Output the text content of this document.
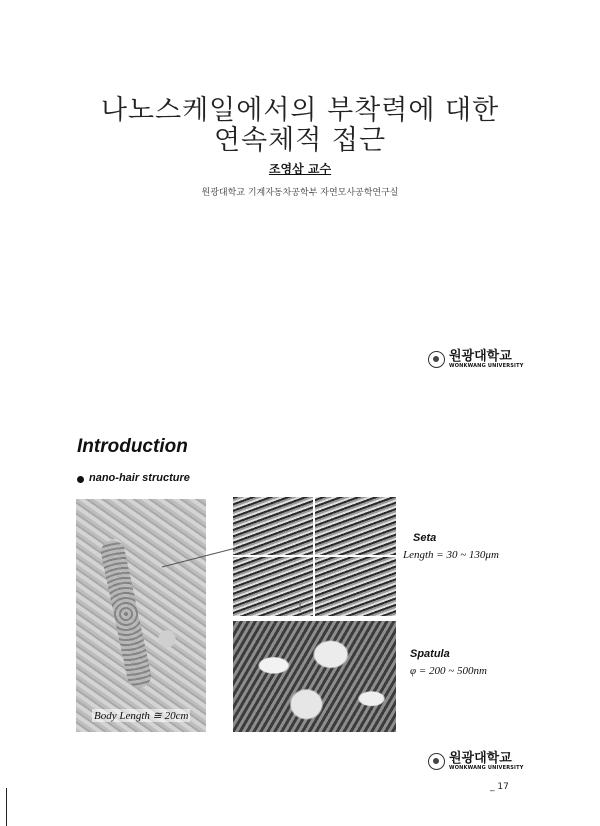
나노스케일에서의 부착력에 대한
연속체적 접근
조영삼 교수
원광대학교 기계자동차공학부 자연모사공학연구실
원광대학교
WONKWANG UNIVERSITY
Introduction
nano-hair structure
Body Length ≅ 20cm
Seta
Length = 30 ~ 130μm
Spatula
φ = 200 ~ 500nm
원광대학교
WONKWANG UNIVERSITY
_ 17
